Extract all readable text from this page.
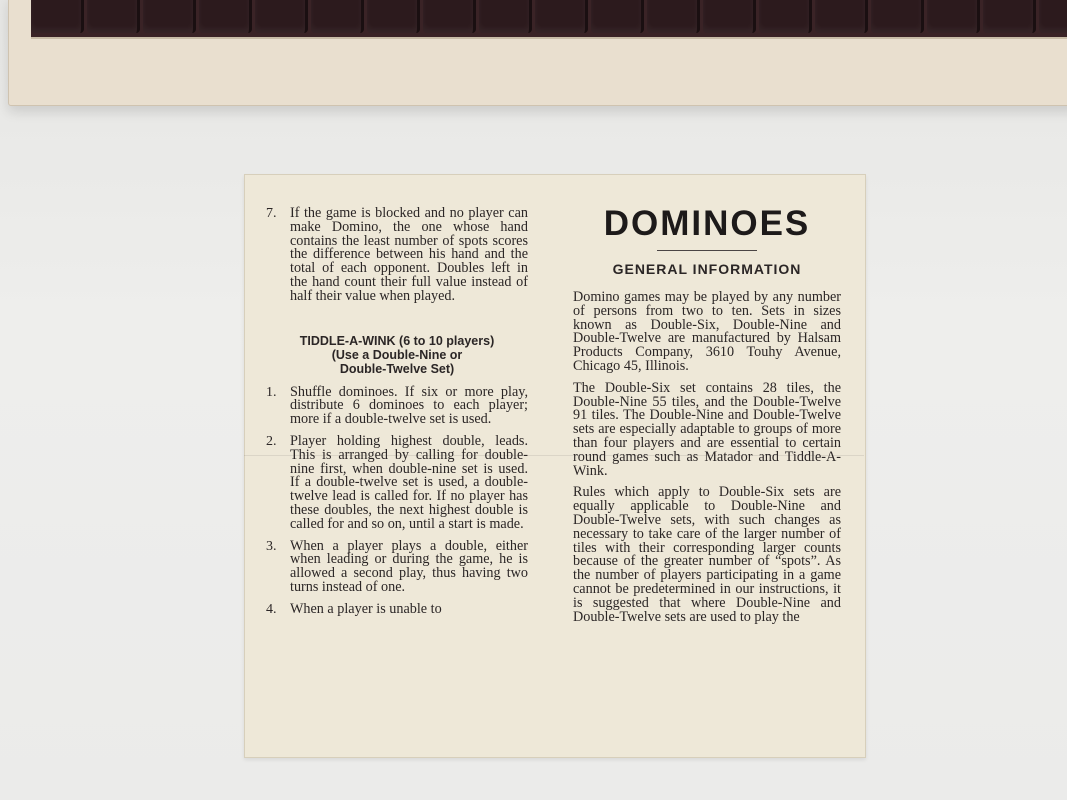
7. If the game is blocked and no player can make Domino, the one whose hand contains the least number of spots scores the difference between his hand and the total of each opponent. Doubles left in the hand count their full value instead of half their value when played.

TIDDLE-A-WINK (6 to 10 players)

(Use a Double-Nine or

Double-Twelve Set)

1. Shuffle dominoes. If six or more play, distribute 6 dominoes to each player; more if a double-twelve set is used.
2. Player holding highest double, leads. This is arranged by calling for double-nine first, when double-nine set is used. If a double-twelve set is used, a double-twelve lead is called for. If no player has these doubles, the next highest double is called for and so on, until a start is made.
3. When a player plays a double, either when leading or during the game, he is allowed a second play, thus having two turns instead of one.
4. When a player is unable to

DOMINOES

GENERAL INFORMATION

Domino games may be played by any number of persons from two to ten. Sets in sizes known as Double-Six, Double-Nine and Double-Twelve are manufactured by Halsam Products Company, 3610 Touhy Avenue, Chicago 45, Illinois.

The Double-Six set contains 28 tiles, the Double-Nine 55 tiles, and the Double-Twelve 91 tiles. The Double-Nine and Double-Twelve sets are especially adaptable to groups of more than four players and are essential to certain round games such as Matador and Tiddle-A-Wink.

Rules which apply to Double-Six sets are equally applicable to Double-Nine and Double-Twelve sets, with such changes as necessary to take care of the larger number of tiles with their corresponding larger counts because of the greater number of “spots”. As the number of players participating in a game cannot be predetermined in our instructions, it is suggested that where Double-Nine and Double-Twelve sets are used to play the
